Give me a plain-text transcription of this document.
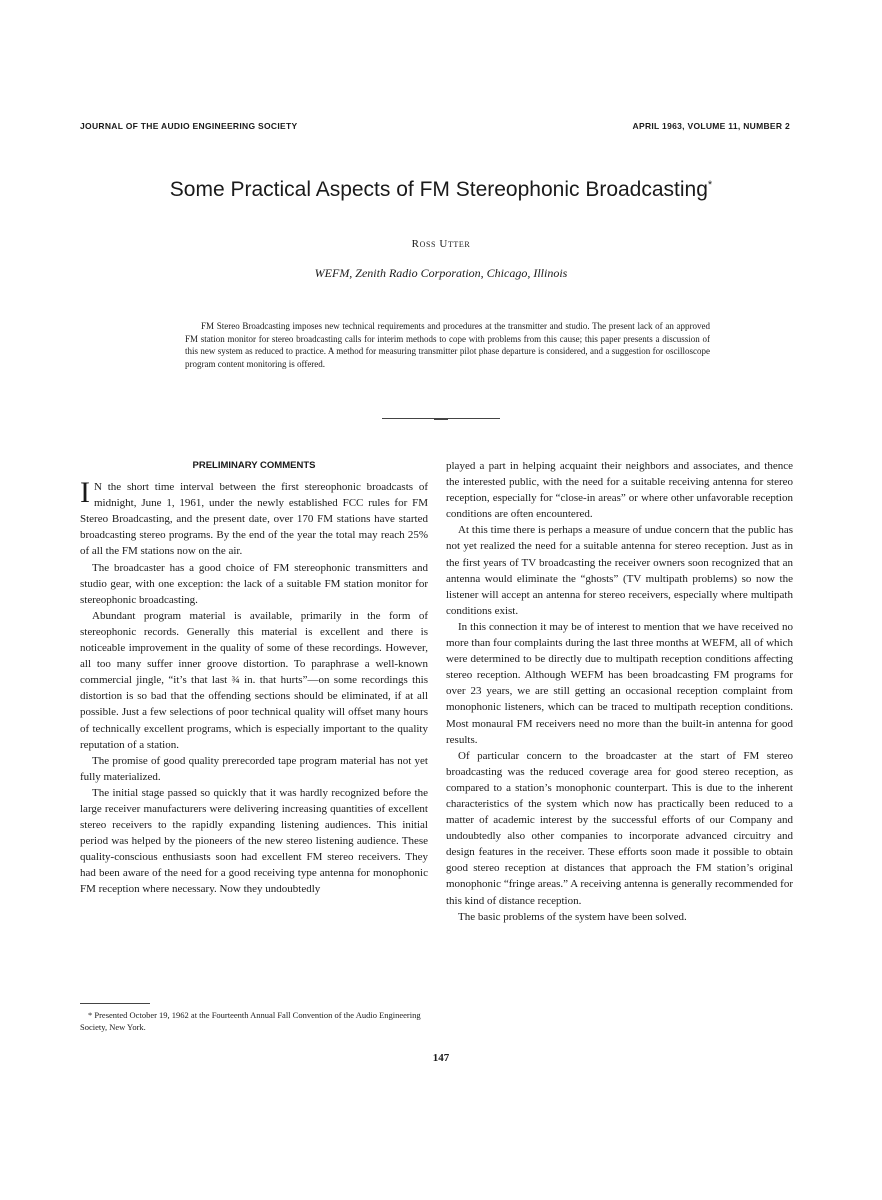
JOURNAL OF THE AUDIO ENGINEERING SOCIETY	APRIL 1963, VOLUME 11, NUMBER 2
Some Practical Aspects of FM Stereophonic Broadcasting*
Ross Utter
WEFM, Zenith Radio Corporation, Chicago, Illinois

FM Stereo Broadcasting imposes new technical requirements and procedures at the transmitter and studio. The present lack of an approved FM station monitor for stereo broadcasting calls for interim methods to cope with problems from this cause; this paper presents a discussion of this new system as reduced to practice. A method for measuring transmitter pilot phase departure is considered, and a suggestion for oscilloscope program content monitoring is offered.

PRELIMINARY COMMENTS

I N the short time interval between the first stereophonic broadcasts of midnight, June 1, 1961, under the newly established FCC rules for FM Stereo Broadcasting, and the present date, over 170 FM stations have started broadcasting stereo programs. By the end of the year the total may reach 25% of all the FM stations now on the air.

The broadcaster has a good choice of FM stereophonic transmitters and studio gear, with one exception: the lack of a suitable FM station monitor for stereophonic broadcasting.

Abundant program material is available, primarily in the form of stereophonic records. Generally this material is excellent and there is noticeable improvement in the quality of some of these recordings. However, all too many suffer inner groove distortion. To paraphrase a well-known commercial jingle, “it’s that last ¾ in. that hurts”—on some recordings this distortion is so bad that the offending sections should be eliminated, if at all possible. Just a few selections of poor technical quality will offset many hours of technically excellent programs, which is especially important to the quality reputation of a station.

The promise of good quality prerecorded tape program material has not yet fully materialized.

The initial stage passed so quickly that it was hardly recognized before the large receiver manufacturers were delivering increasing quantities of excellent stereo receivers to the rapidly expanding listening audiences. This initial period was helped by the pioneers of the new stereo listening audience. These quality-conscious enthusiasts soon had excellent FM stereo receivers. They had been aware of the need for a good receiving type antenna for monophonic FM reception where necessary. Now they undoubtedly

played a part in helping acquaint their neighbors and associates, and thence the interested public, with the need for a suitable receiving antenna for stereo reception, especially for “close-in areas” or where other unfavorable reception conditions are often encountered.

At this time there is perhaps a measure of undue concern that the public has not yet realized the need for a suitable antenna for stereo reception. Just as in the first years of TV broadcasting the receiver owners soon recognized that an antenna would eliminate the “ghosts” (TV multipath problems) so now the listener will accept an antenna for stereo receivers, especially where multipath conditions exist.

In this connection it may be of interest to mention that we have received no more than four complaints during the last three months at WEFM, all of which were determined to be directly due to multipath reception conditions affecting stereo reception. Although WEFM has been broadcasting FM programs for over 23 years, we are still getting an occasional reception complaint from monophonic listeners, which can be traced to multipath reception conditions. Most monaural FM receivers need no more than the built-in antenna for good results.

Of particular concern to the broadcaster at the start of FM stereo broadcasting was the reduced coverage area for good stereo reception, as compared to a station’s monophonic counterpart. This is due to the inherent characteristics of the system which now has practically been reduced to a matter of academic interest by the successful efforts of our Company and undoubtedly also other companies to incorporate advanced circuitry and design features in the receiver. These efforts soon made it possible to obtain good stereo reception at distances that approach the FM station’s original monophonic “fringe areas.” A receiving antenna is generally recommended for this kind of distance reception.

The basic problems of the system have been solved.

* Presented October 19, 1962 at the Fourteenth Annual Fall Convention of the Audio Engineering Society, New York.

147
